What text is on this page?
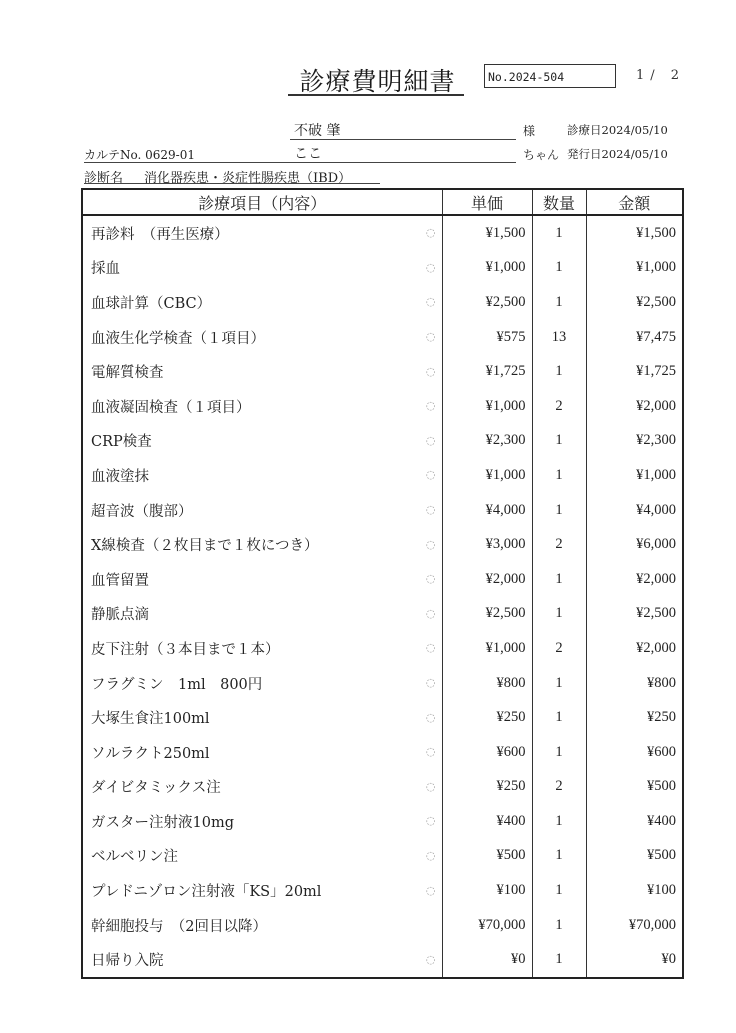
診療費明細書	No.2024-504	1/ 2
不破 肇	様	診療日2024/05/10
カルテNo. 0629-01	ここ	ちゃん 発行日2024/05/10
診断名 消化器疾患・炎症性腸疾患（IBD）
診療項目（内容）	単価	数量	金額
再診料　（再生医療） ◌	¥1,500	1	¥1,500
採血 ◌	¥1,000	1	¥1,000
血球計算（CBC） ◌	¥2,500	1	¥2,500
血液生化学検査（１項目） ◌	¥575	13	¥7,475
電解質検査 ◌	¥1,725	1	¥1,725
血液凝固検査（１項目） ◌	¥1,000	2	¥2,000
CRP検査 ◌	¥2,300	1	¥2,300
血液塗抹 ◌	¥1,000	1	¥1,000
超音波（腹部） ◌	¥4,000	1	¥4,000
X線検査（２枚目まで１枚につき） ◌	¥3,000	2	¥6,000
血管留置 ◌	¥2,000	1	¥2,000
静脈点滴 ◌	¥2,500	1	¥2,500
皮下注射（３本目まで１本） ◌	¥1,000	2	¥2,000
フラグミン　1ml　800円 ◌	¥800	1	¥800
大塚生食注100ml ◌	¥250	1	¥250
ソルラクト250ml ◌	¥600	1	¥600
ダイビタミックス注 ◌	¥250	2	¥500
ガスター注射液10mg ◌	¥400	1	¥400
ベルベリン注 ◌	¥500	1	¥500
プレドニゾロン注射液「KS」20ml ◌	¥100	1	¥100
幹細胞投与　（2回目以降）	¥70,000	1	¥70,000
日帰り入院 ◌	¥0	1	¥0
